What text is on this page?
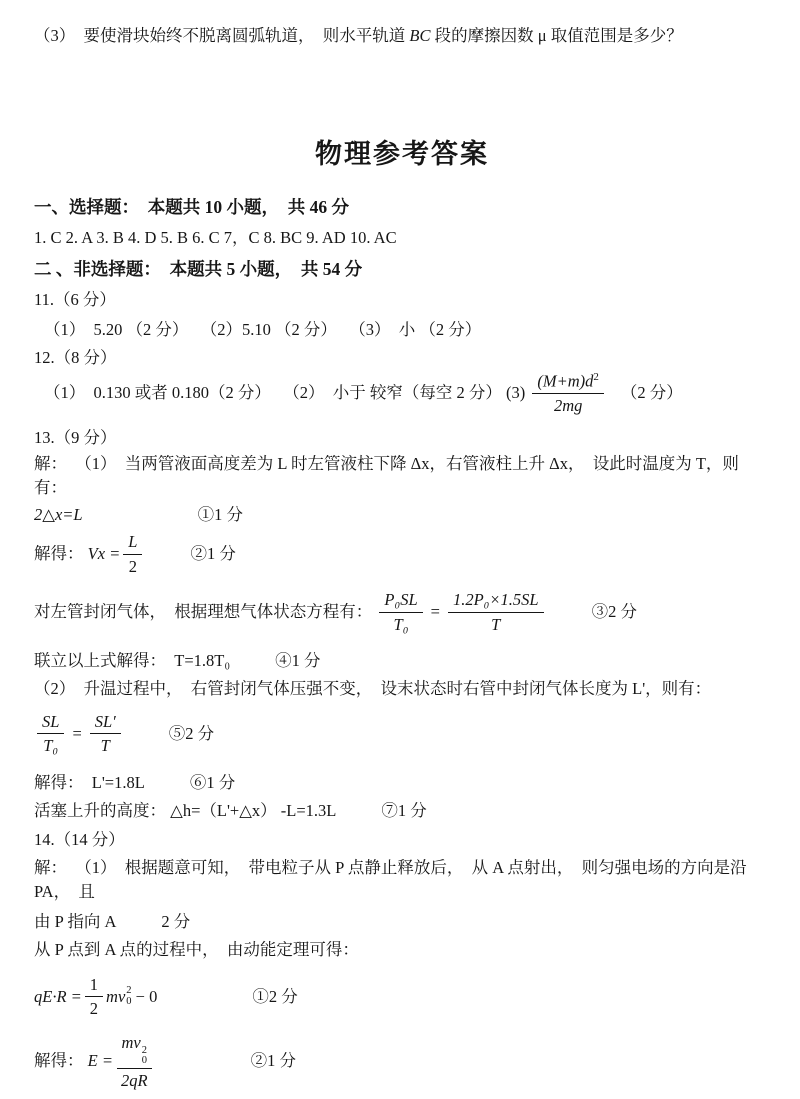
（3）  要使滑块始终不脱离圆弧轨道，  则水平轨道 BC 段的摩擦因数 μ 取值范围是多少？
物理参考答案
一、选择题：  本题共 10 小题，  共 46 分
1. C 2. A 3. B 4. D 5. B 6. C 7，C 8. BC 9. AD 10. AC
二 、非选择题：  本题共 5 小题，  共 54 分
11.（6 分）
（1）  5.20 （2 分）   （2）5.10 （2 分）   （3）  小 （2 分）
12.（8 分）
（1）  0.130 或者 0.180（2 分）   （2）  小于 较窄（每空 2 分） $(3) \frac{(M+m)d^2}{2mg} (2$ 分）
13.（9 分）
解：  （1）  当两管液面高度差为 L 时左管液柱下降 Δx，右管液柱上升 Δx，  设此时温度为 T，则有：
2△x=L	①1 分
解得： $Vx = \frac{L}{2}$	②1 分
对左管封闭气体，  根据理想气体状态方程有： $\frac{\text{P₀SL}}{\text{T₀}} = \frac{\text{1.2P₀×1.5SL}}{T}$	③2 分
联立以上式解得：  T=1.8T₀	④1 分
（2）  升温过程中，  右管封闭气体压强不变，  设末状态时右管中封闭气体长度为 L'，则有：
$\frac{SL}{\text{T₀}} = \frac{SL'}{T}$	⑤2 分
解得：  L'=1.8L	⑥1 分
活塞上升的高度： △h=（L'+△x） -L=1.3L	⑦1 分
14.（14 分）
解：  （1）  根据题意可知，  带电粒子从 P 点静止释放后，  从 A 点射出，  则匀强电场的方向是沿 PA，  且
由 P 指向 A	2 分
从 P 点到 A 点的过程中，  由动能定理可得：
$qE\cdot R = \frac{1}{2}$ mv 2
0 − 0	①2 分
解得： E = mv 2
0
2qR	②1 分
